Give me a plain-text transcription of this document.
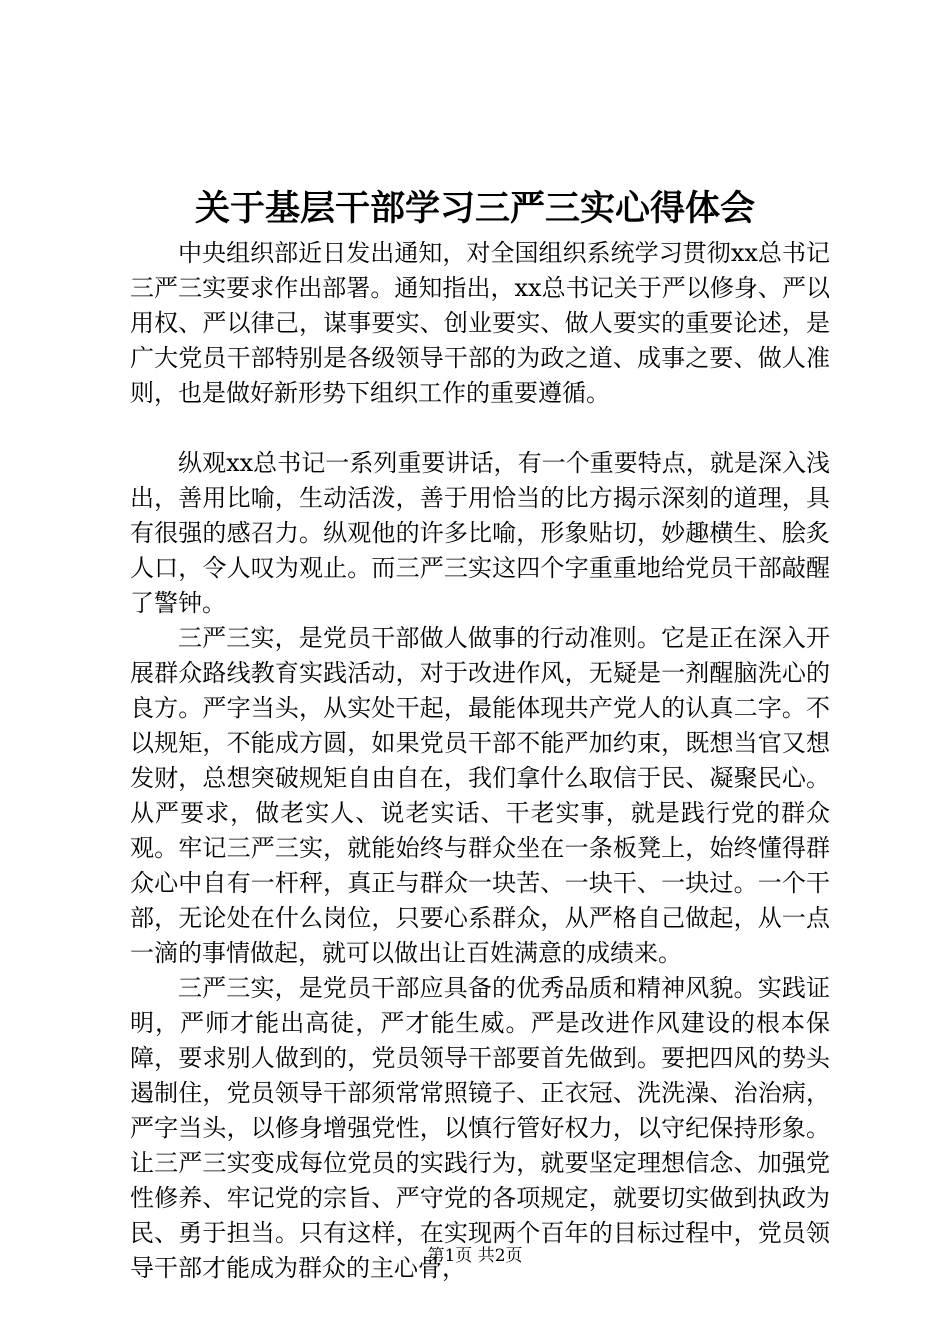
关于基层干部学习三严三实心得体会

中央组织部近日发出通知，对全国组织系统学习贯彻xx总书记三严三实要求作出部署。通知指出，xx总书记关于严以修身、严以用权、严以律己，谋事要实、创业要实、做人要实的重要论述，是广大党员干部特别是各级领导干部的为政之道、成事之要、做人准则，也是做好新形势下组织工作的重要遵循。

纵观xx总书记一系列重要讲话，有一个重要特点，就是深入浅出，善用比喻，生动活泼，善于用恰当的比方揭示深刻的道理，具有很强的感召力。纵观他的许多比喻，形象贴切，妙趣横生、脍炙人口，令人叹为观止。而三严三实这四个字重重地给党员干部敲醒了警钟。

三严三实，是党员干部做人做事的行动准则。它是正在深入开展群众路线教育实践活动，对于改进作风，无疑是一剂醒脑洗心的良方。严字当头，从实处干起，最能体现共产党人的认真二字。不以规矩，不能成方圆，如果党员干部不能严加约束，既想当官又想发财，总想突破规矩自由自在，我们拿什么取信于民、凝聚民心。从严要求，做老实人、说老实话、干老实事，就是践行党的群众观。牢记三严三实，就能始终与群众坐在一条板凳上，始终懂得群众心中自有一杆秤，真正与群众一块苦、一块干、一块过。一个干部，无论处在什么岗位，只要心系群众，从严格自己做起，从一点一滴的事情做起，就可以做出让百姓满意的成绩来。

三严三实，是党员干部应具备的优秀品质和精神风貌。实践证明，严师才能出高徒，严才能生威。严是改进作风建设的根本保障，要求别人做到的，党员领导干部要首先做到。要把四风的势头遏制住，党员领导干部须常常照镜子、正衣冠、洗洗澡、治治病，严字当头，以修身增强党性，以慎行管好权力，以守纪保持形象。让三严三实变成每位党员的实践行为，就要坚定理想信念、加强党性修养、牢记党的宗旨、严守党的各项规定，就要切实做到执政为民、勇于担当。只有这样，在实现两个百年的目标过程中，党员领导干部才能成为群众的主心骨，

第1页 共2页
